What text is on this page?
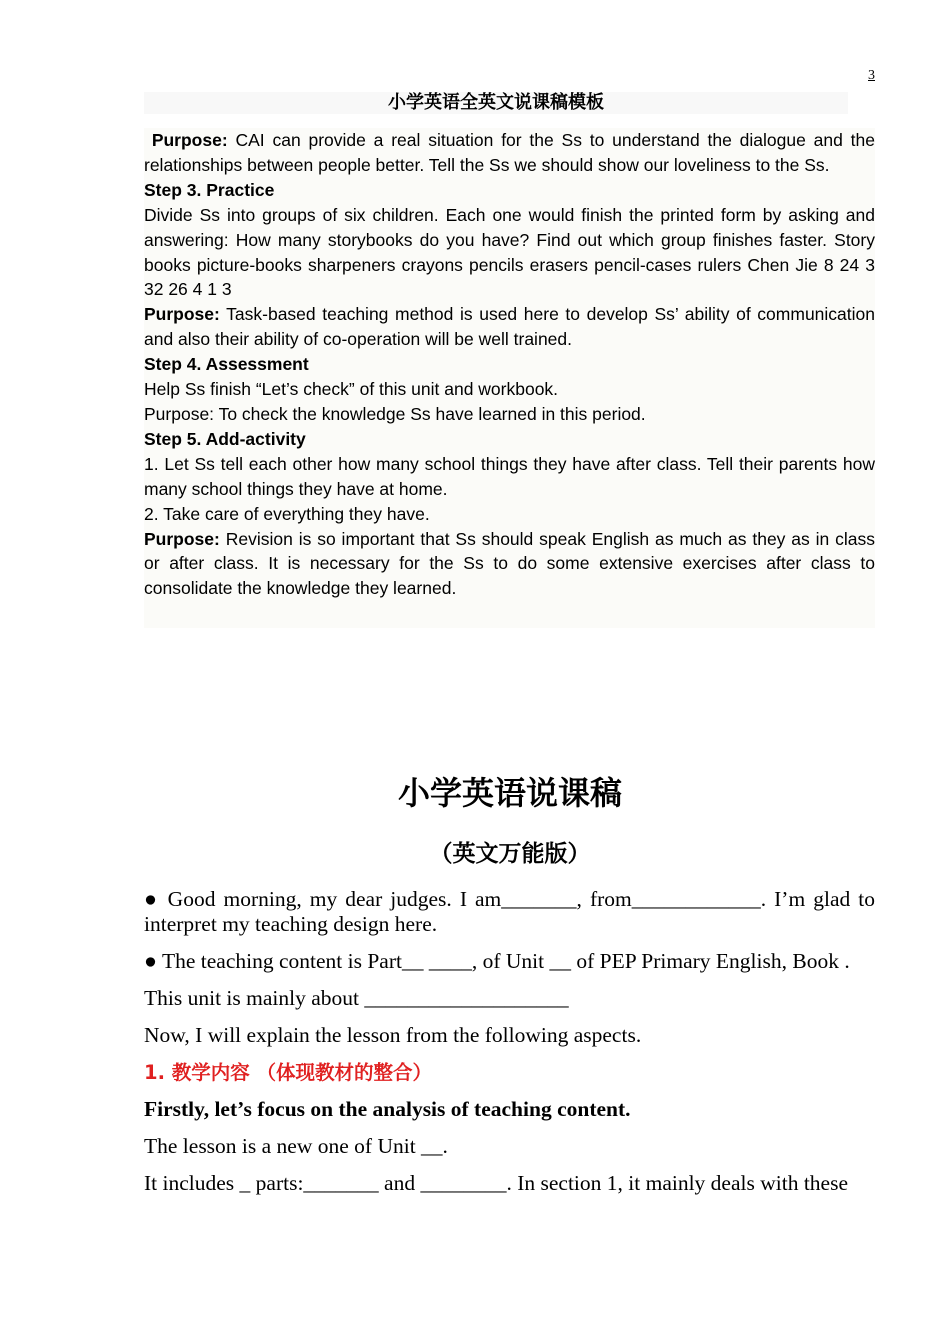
3
小学英语全英文说课稿模板

Purpose: CAI can provide a real situation for the Ss to understand the dialogue and the relationships between people better. Tell the Ss we should show our loveliness to the Ss.

Step 3. Practice

Divide Ss into groups of six children. Each one would finish the printed form by asking and answering: How many storybooks do you have? Find out which group finishes faster. Story books picture-books sharpeners crayons pencils erasers pencil-cases rulers Chen Jie 8 24 3 32 26 4 1 3

Purpose: Task-based teaching method is used here to develop Ss’ ability of communication and also their ability of co-operation will be well trained.

Step 4. Assessment

Help Ss finish “Let’s check” of this unit and workbook.

Purpose: To check the knowledge Ss have learned in this period.

Step 5. Add-activity

1. Let Ss tell each other how many school things they have after class. Tell their parents how many school things they have at home.

2. Take care of everything they have.

Purpose: Revision is so important that Ss should speak English as much as they as in class or after class. It is necessary for the Ss to do some extensive exercises after class to consolidate the knowledge they learned.

小学英语说课稿
（英文万能版）

● Good morning, my dear judges. I am_______, from____________. I’m glad to interpret my teaching design here.

● The teaching content is Part__ ____, of Unit __ of PEP Primary English, Book .

This unit is mainly about ___________________

Now, I will explain the lesson from the following aspects.

1. 教学内容 （体现教材的整合）

Firstly, let’s focus on the analysis of teaching content.

The lesson is a new one of Unit __.

It includes _ parts:_______ and ________. In section 1, it mainly deals with these
